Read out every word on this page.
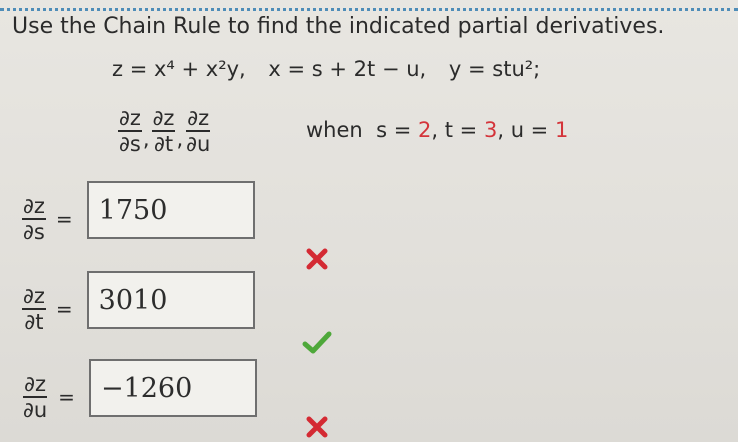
Use the Chain Rule to find the indicated partial derivatives.
z = x⁴ + x²y, x = s + 2t − u, y = stu²;
$\frac{\partial z}{\partial s}$ , $\frac{\partial z}{\partial t}$ , $\frac{\partial z}{\partial u}$	when s = 2, t = 3, u = 1
$\frac{\partial z}{\partial s} = 1750$
$\frac{\partial z}{\partial t} = 3010$
$\frac{\partial z}{\partial u} = -1260$
